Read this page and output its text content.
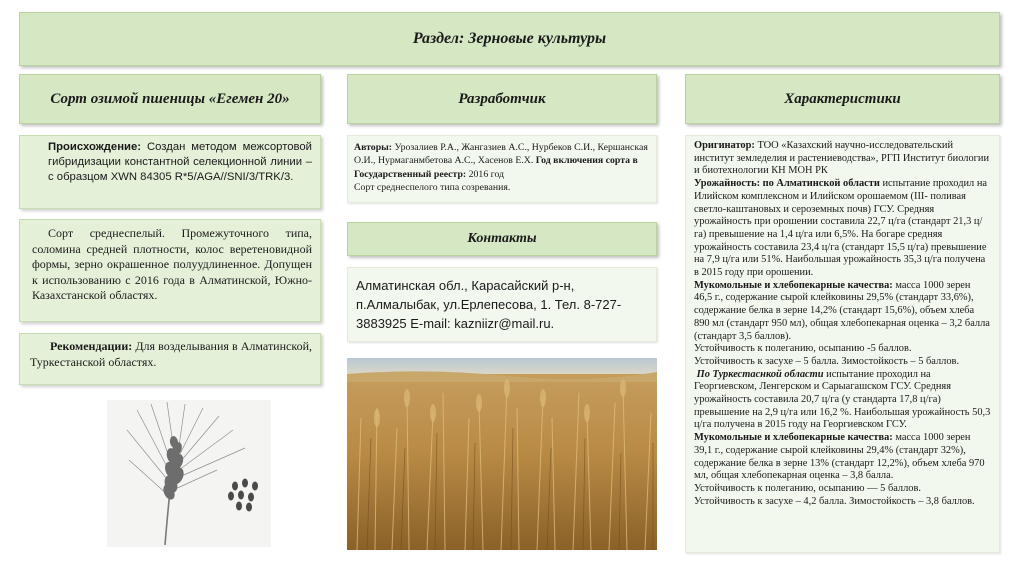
Раздел: Зерновые культуры
Сорт озимой пшеницы «Егемен 20»	Разработчик	Характеристики
Происхождение: Создан методом межсортовой гибридизации константной селекционной линии – с образцом XWN 84305 R*5/AGA//SNI/3/TRK/3.
Сорт среднеспелый. Промежуточного типа, соломина средней плотности, колос веретеновидной формы, зерно окрашенное полуудлиненное. Допущен к использованию с 2016 года в Алматинской, Южно-Казахстанской областях.
Рекомендации: Для возделывания в Алматинской, Туркестанской областях.
Авторы: Урозалиев Р.А., Жангазиев А.С., Нурбеков С.И., Кершанская О.И., Нурмаганмбетова А.С., Хасенов Е.Х. Год включения сорта в Государственный реестр: 2016 год
Сорт среднеспелого типа созревания.
Контакты
Алматинская обл., Карасайский р-н, п.Алмалыбак, ул.Ерлепесова, 1. Тел. 8-727-3883925 E-mail: kazniizr@mail.ru.
Оригинатор: ТОО «Казахский научно-исследовательский институт земледелия и растениеводства», РГП Институт биологии и биотехнологии КН МОН РК
Урожайность: по Алматинской области испытание проходил на Илийском комплексном и Илийском орошаемом (III- поливая светло-каштановых и сероземных почв) ГСУ. Средняя урожайность при орошении составила 22,7 ц/га (стандарт 21,3 ц/га) превышение на 1,4 ц/га или 6,5%. На богаре средняя урожайность составила 23,4 ц/га (стандарт 15,5 ц/га) превышение на 7,9 ц/га или 51%. Наибольшая урожайность 35,3 ц/га получена в 2015 году при орошении.
Мукомольные и хлебопекарные качества: масса 1000 зерен 46,5 г., содержание сырой клейковины 29,5% (стандарт 33,6%), содержание белка в зерне 14,2% (стандарт 15,6%), объем хлеба 890 мл (стандарт 950 мл), общая хлебопекарная оценка – 3,2 балла (стандарт 3,5 баллов).
Устойчивость к полеганию, осыпанию -5 баллов.
Устойчивость к засухе – 5 балла. Зимостойкость – 5 баллов.
По Туркестаснкой области испытание проходил на Георгиевском, Ленгерском и Сарыагашском ГСУ. Средняя урожайность составила 20,7 ц/га (у стандарта 17,8 ц/га) превышение на 2,9 ц/га или 16,2 %. Наибольшая урожайность 50,3 ц/га получена в 2015 году на Георгиевском ГСУ.
Мукомольные и хлебопекарные качества: масса 1000 зерен 39,1 г., содержание сырой клейковины 29,4% (стандарт 32%), содержание белка в зерне 13% (стандарт 12,2%), объем хлеба 970 мл, общая хлебопекарная оценка – 3,8 балла.
Устойчивость к полеганию, осыпанию — 5 баллов.
Устойчивость к засухе – 4,2 балла. Зимостойкость – 3,8 баллов.
